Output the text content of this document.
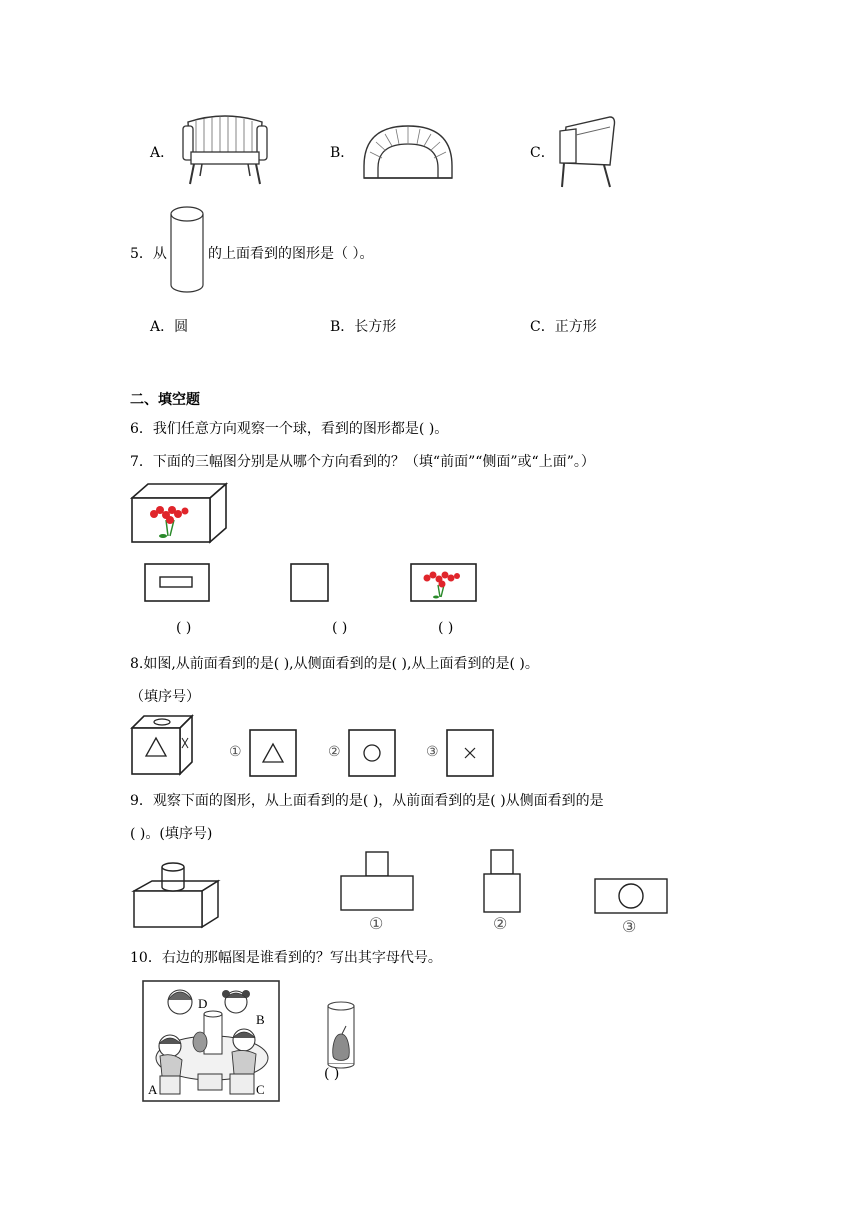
A．	B．	C．
5．从	的上面看到的图形是（ ）。
A．圆	B．长方形	C．正方形
二、填空题
6．我们任意方向观察一个球，看到的图形都是( )。
7．下面的三幅图分别是从哪个方向看到的？（填“前面”“侧面”或“上面”。）
( )	( )	( )
8.如图,从前面看到的是( ),从侧面看到的是( ),从上面看到的是( )。
（填序号）
①	②	③
9．观察下面的图形，从上面看到的是( )，从前面看到的是( )从侧面看到的是
( )。(填序号)
①	②	③
10．右边的那幅图是谁看到的？写出其字母代号。
D
B
A	C
( )
